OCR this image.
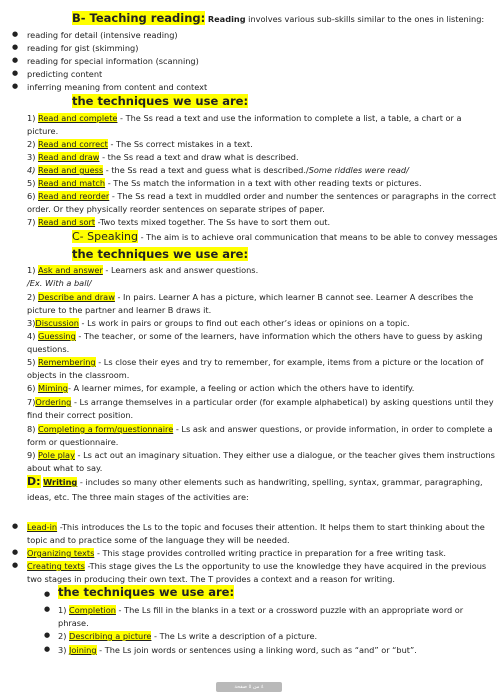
B- Teaching reading: Reading involves various sub-skills similar to the ones in listening:
● reading for detail (intensive reading)
● reading for gist (skimming)
● reading for special information (scanning)
● predicting content
● inferring meaning from content and context
the techniques we use are:
1) Read and complete - The Ss read a text and use the information to complete a list, a table, a chart or a
picture.
2) Read and correct - The Ss correct mistakes in a text.
3) Read and draw - the Ss read a text and draw what is described.
4) Read and guess - the Ss read a text and guess what is described./Some riddles were read/
5) Read and match - The Ss match the information in a text with other reading texts or pictures.
6) Read and reorder - The Ss read a text in muddled order and number the sentences or paragraphs in the correct
order. Or they physically reorder sentences on separate stripes of paper.
7) Read and sort -Two texts mixed together. The Ss have to sort them out.
C- Speaking - The aim is to achieve oral communication that means to be able to convey messages
the techniques we use are:
1) Ask and answer - Learners ask and answer questions.
/Ex. With a ball/
2) Describe and draw - In pairs. Learner A has a picture, which learner B cannot see. Learner A describes the
picture to the partner and learner B draws it.
3)Discussion - Ls work in pairs or groups to find out each other’s ideas or opinions on a topic.
4) Guessing - The teacher, or some of the learners, have information which the others have to guess by asking
questions.
5) Remembering - Ls close their eyes and try to remember, for example, items from a picture or the location of
objects in the classroom.
6) Miming- A learner mimes, for example, a feeling or action which the others have to identify.
7)Ordering - Ls arrange themselves in a particular order (for example alphabetical) by asking questions until they
find their correct position.
8) Completing a form/questionnaire - Ls ask and answer questions, or provide information, in order to complete a
form or questionnaire.
9) Pole play - Ls act out an imaginary situation. They either use a dialogue, or the teacher gives them instructions
about what to say.
D: Writing - includes so many other elements such as handwriting, spelling, syntax, grammar, paragraphing,
ideas, etc. The three main stages of the activities are:
● Lead-in -This introduces the Ls to the topic and focuses their attention. It helps them to start thinking about the
topic and to practice some of the language they will be needed.
● Organizing texts - This stage provides controlled writing practice in preparation for a free writing task.
● Creating texts -This stage gives the Ls the opportunity to use the knowledge they have acquired in the previous
two stages in producing their own text. The T provides a context and a reason for writing.
● the techniques we use are:
● 1) Completion - The Ls fill in the blanks in a text or a crossword puzzle with an appropriate word or
phrase.
● 2) Describing a picture - The Ls write a description of a picture.
● 3) Joining - The Ls join words or sentences using a linking word, such as “and” or “but”.
٤ من ٥ صفحة
